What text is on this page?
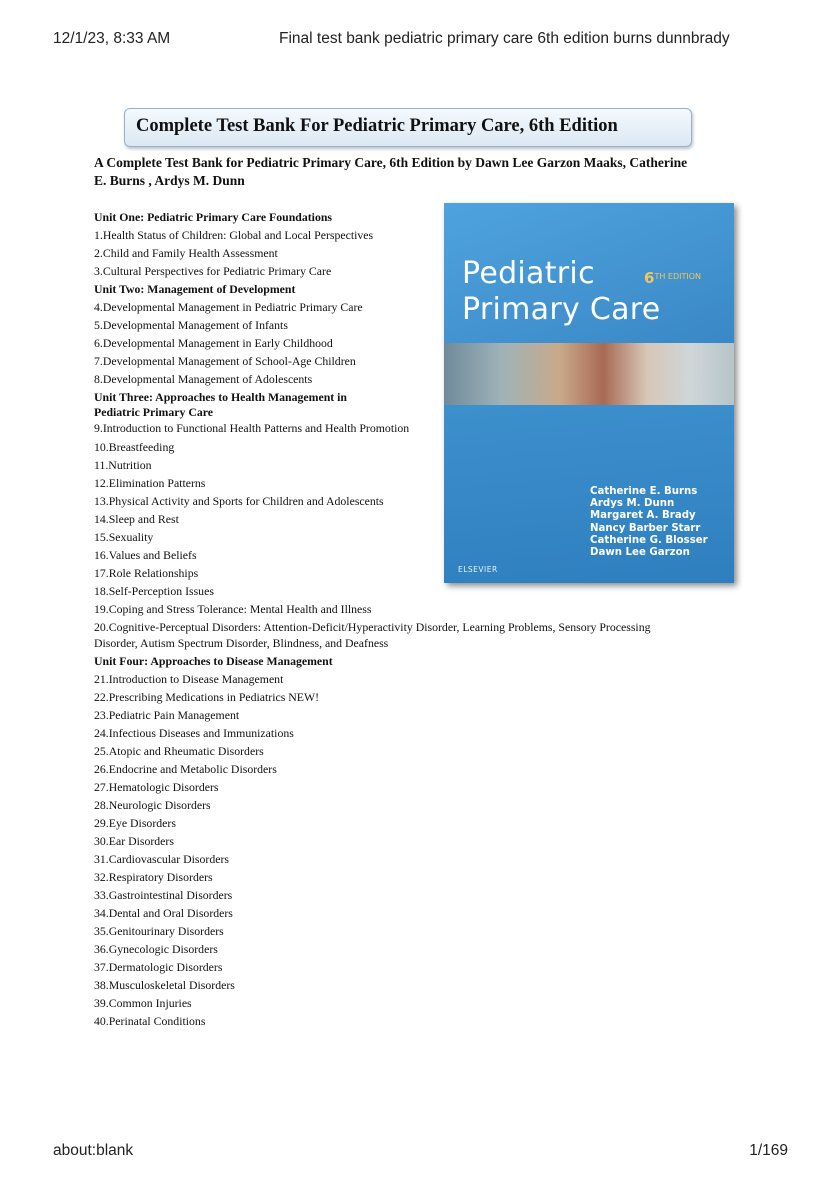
12/1/23, 8:33 AM	Final test bank pediatric primary care 6th edition burns dunnbrady
Complete Test Bank For Pediatric Primary Care, 6th Edition
A Complete Test Bank for Pediatric Primary Care, 6th Edition by Dawn Lee Garzon Maaks, Catherine E. Burns , Ardys M. Dunn
Unit One: Pediatric Primary Care Foundations
1.Health Status of Children: Global and Local Perspectives
2.Child and Family Health Assessment
3.Cultural Perspectives for Pediatric Primary Care
Unit Two: Management of Development
4.Developmental Management in Pediatric Primary Care
5.Developmental Management of Infants
6.Developmental Management in Early Childhood
7.Developmental Management of School-Age Children
8.Developmental Management of Adolescents
Unit Three: Approaches to Health Management in Pediatric Primary Care
9.Introduction to Functional Health Patterns and Health Promotion
10.Breastfeeding
11.Nutrition
12.Elimination Patterns
13.Physical Activity and Sports for Children and Adolescents
14.Sleep and Rest
15.Sexuality
16.Values and Beliefs
17.Role Relationships
18.Self-Perception Issues
19.Coping and Stress Tolerance: Mental Health and Illness
20.Cognitive-Perceptual Disorders: Attention-Deficit/Hyperactivity Disorder, Learning Problems, Sensory Processing Disorder, Autism Spectrum Disorder, Blindness, and Deafness
Unit Four: Approaches to Disease Management
21.Introduction to Disease Management
22.Prescribing Medications in Pediatrics NEW!
23.Pediatric Pain Management
24.Infectious Diseases and Immunizations
25.Atopic and Rheumatic Disorders
26.Endocrine and Metabolic Disorders
27.Hematologic Disorders
28.Neurologic Disorders
29.Eye Disorders
30.Ear Disorders
31.Cardiovascular Disorders
32.Respiratory Disorders
33.Gastrointestinal Disorders
34.Dental and Oral Disorders
35.Genitourinary Disorders
36.Gynecologic Disorders
37.Dermatologic Disorders
38.Musculoskeletal Disorders
39.Common Injuries
40.Perinatal Conditions
Pediatric
Primary Care
$6^{TH EDITION}$
Catherine E. Burns
Ardys M. Dunn
Margaret A. Brady
Nancy Barber Starr
Catherine G. Blosser
Dawn Lee Garzon
ELSEVIER
about:blank	1/169
